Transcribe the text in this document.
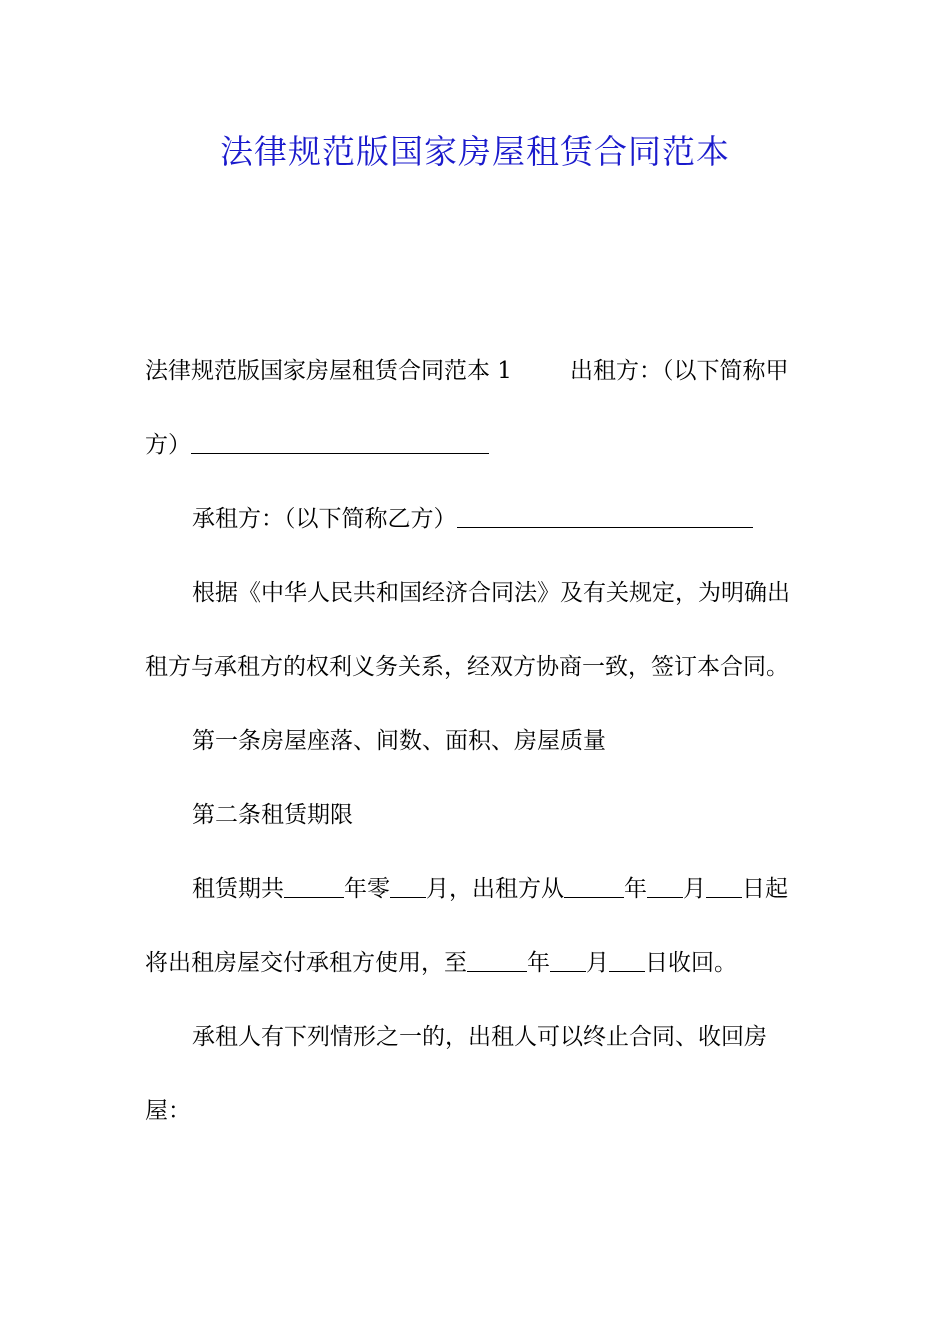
法律规范版国家房屋租赁合同范本

法律规范版国家房屋租赁合同范本 1	出租方：（以下简称甲方）

承租方：（以下简称乙方）

根据《中华人民共和国经济合同法》及有关规定，为明确出租方与承租方的权利义务关系，经双方协商一致，签订本合同。

第一条房屋座落、间数、面积、房屋质量

第二条租赁期限

租赁期共	年零 月，出租方从	年 月 日起将出租房屋交付承租方使用，至	年 月 日收回。

承租人有下列情形之一的，出租人可以终止合同、收回房屋：
